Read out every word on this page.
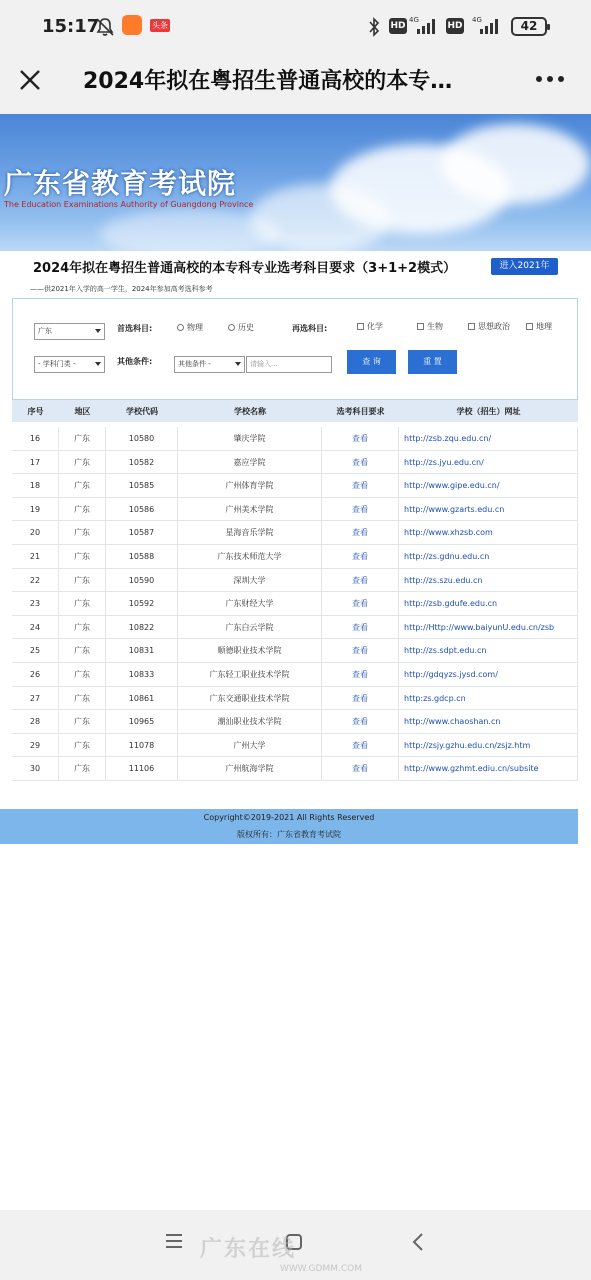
15:17	头条	HD
4G
HD
4G	42
2024年拟在粤招生普通高校的本专…
广东省教育考试院
The Education Examinations Authority of Guangdong Province
2024年拟在粤招生普通高校的本专科专业选考科目要求（3+1+2模式）	进入2021年
——供2021年入学的高一学生，2024年参加高考选科参考
广东	首选科目:	物理	历史	再选科目:	化学	生物	思想政治	地理
- 学科门类 -	其他条件:	其他条件 -	请输入...	查 询	重 置
序号	地区	学校代码	学校名称	选考科目要求	学校（招生）网址
16	广东	10580	肇庆学院	查看	http://zsb.zqu.edu.cn/
17	广东	10582	嘉应学院	查看	http://zs.jyu.edu.cn/
18	广东	10585	广州体育学院	查看	http://www.gipe.edu.cn/
19	广东	10586	广州美术学院	查看	http://www.gzarts.edu.cn
20	广东	10587	星海音乐学院	查看	http://www.xhzsb.com
21	广东	10588	广东技术师范大学	查看	http://zs.gdnu.edu.cn
22	广东	10590	深圳大学	查看	http://zs.szu.edu.cn
23	广东	10592	广东财经大学	查看	http://zsb.gdufe.edu.cn
24	广东	10822	广东白云学院	查看	http://Http://www.baiyunU.edu.cn/zsb
25	广东	10831	顺德职业技术学院	查看	http://zs.sdpt.edu.cn
26	广东	10833	广东轻工职业技术学院	查看	http://gdqyzs.jysd.com/
27	广东	10861	广东交通职业技术学院	查看	http:zs.gdcp.cn
28	广东	10965	潮汕职业技术学院	查看	http://www.chaoshan.cn
29	广东	11078	广州大学	查看	http://zsjy.gzhu.edu.cn/zsjz.htm
30	广东	11106	广州航海学院	查看	http://www.gzhmt.ediu.cn/subsite
Copyright©2019-2021 All Rights Reserved
版权所有：广东省教育考试院
广东在线
WWW.GDMM.COM
